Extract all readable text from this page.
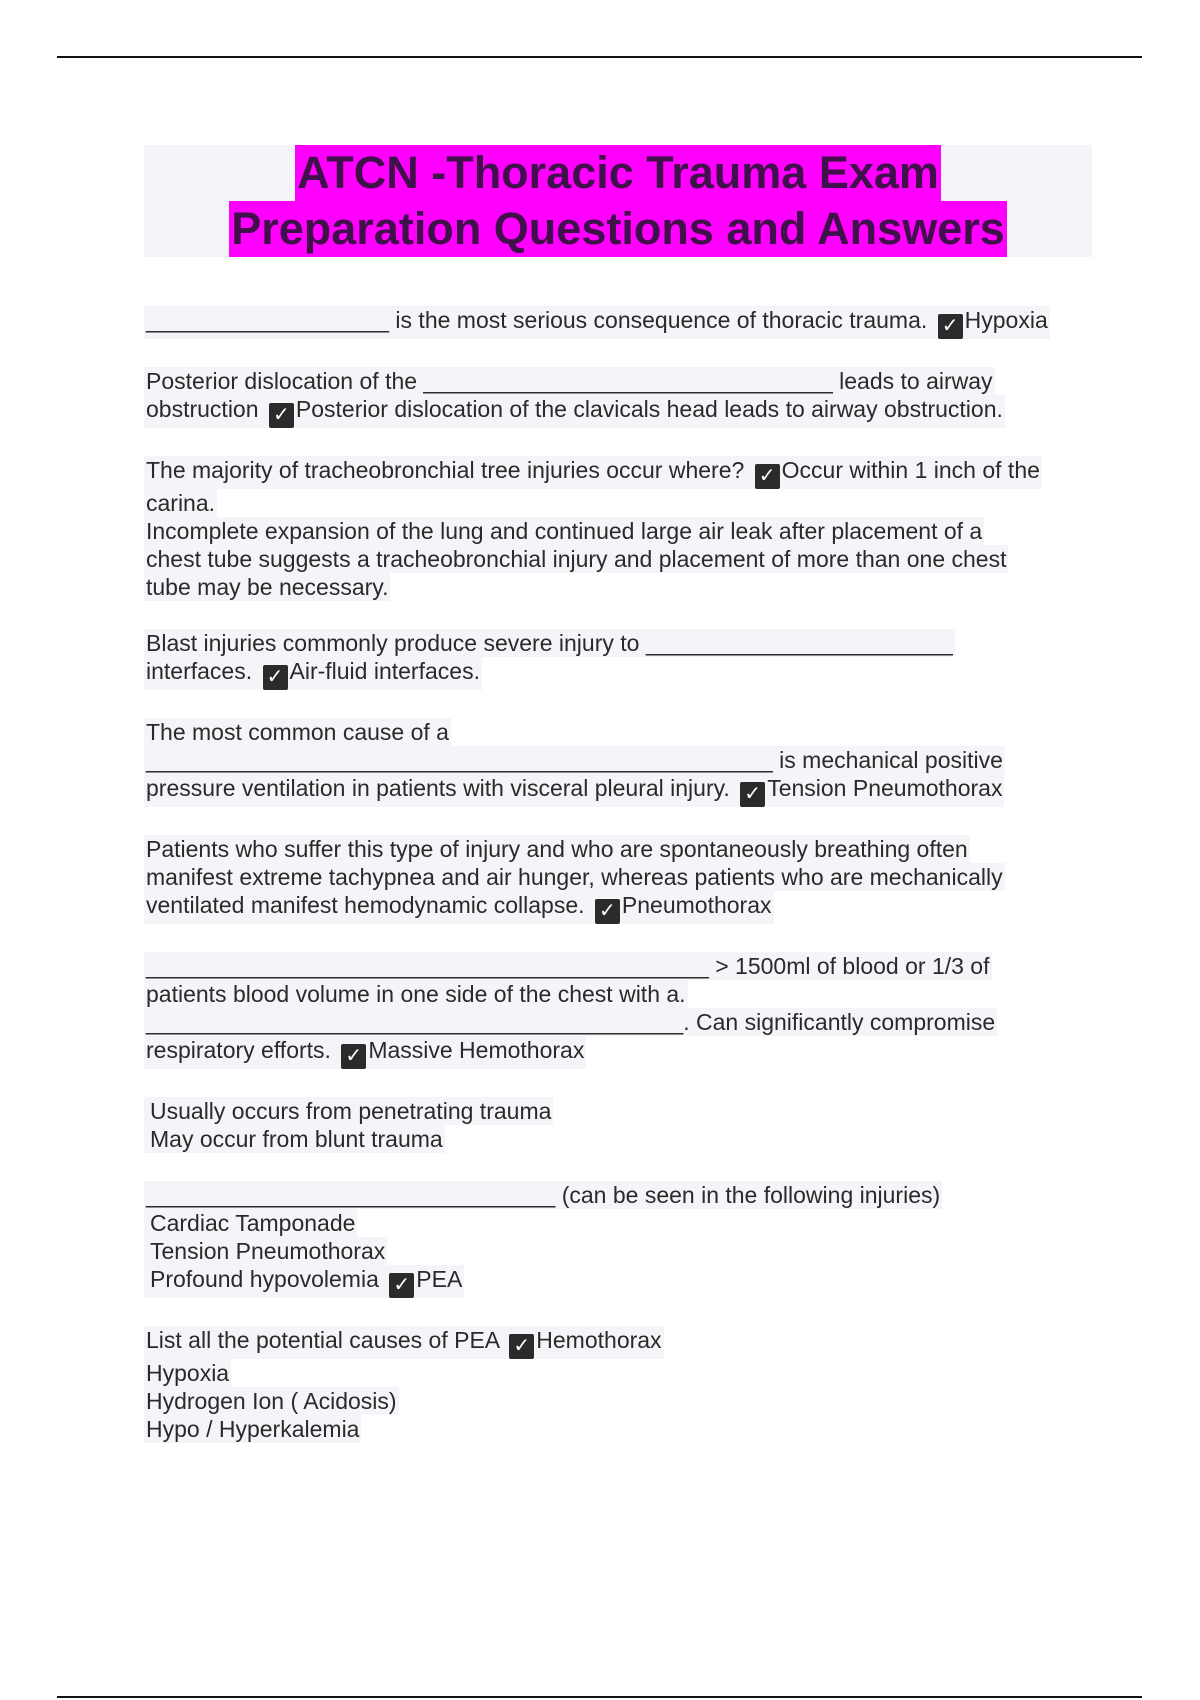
ATCN -Thoracic Trauma Exam
Preparation Questions and Answers
___________________ is the most serious consequence of thoracic trauma. ✓ Hypoxia
Posterior dislocation of the ________________________________ leads to airway
obstruction ✓ Posterior dislocation of the clavicals head leads to airway obstruction.
The majority of tracheobronchial tree injuries occur where? ✓ Occur within 1 inch of the
carina.
Incomplete expansion of the lung and continued large air leak after placement of a
chest tube suggests a tracheobronchial injury and placement of more than one chest
tube may be necessary.
Blast injuries commonly produce severe injury to ________________________
interfaces. ✓ Air-fluid interfaces.
The most common cause of a
_________________________________________________ is mechanical positive
pressure ventilation in patients with visceral pleural injury. ✓ Tension Pneumothorax
Patients who suffer this type of injury and who are spontaneously breathing often
manifest extreme tachypnea and air hunger, whereas patients who are mechanically
ventilated manifest hemodynamic collapse. ✓ Pneumothorax
____________________________________________ > 1500ml of blood or 1/3 of
patients blood volume in one side of the chest with a.
__________________________________________. Can significantly compromise
respiratory efforts. ✓ Massive Hemothorax
Usually occurs from penetrating trauma
May occur from blunt trauma
________________________________ (can be seen in the following injuries)
Cardiac Tamponade
Tension Pneumothorax
Profound hypovolemia ✓ PEA
List all the potential causes of PEA ✓ Hemothorax
Hypoxia
Hydrogen Ion ( Acidosis)
Hypo / Hyperkalemia
